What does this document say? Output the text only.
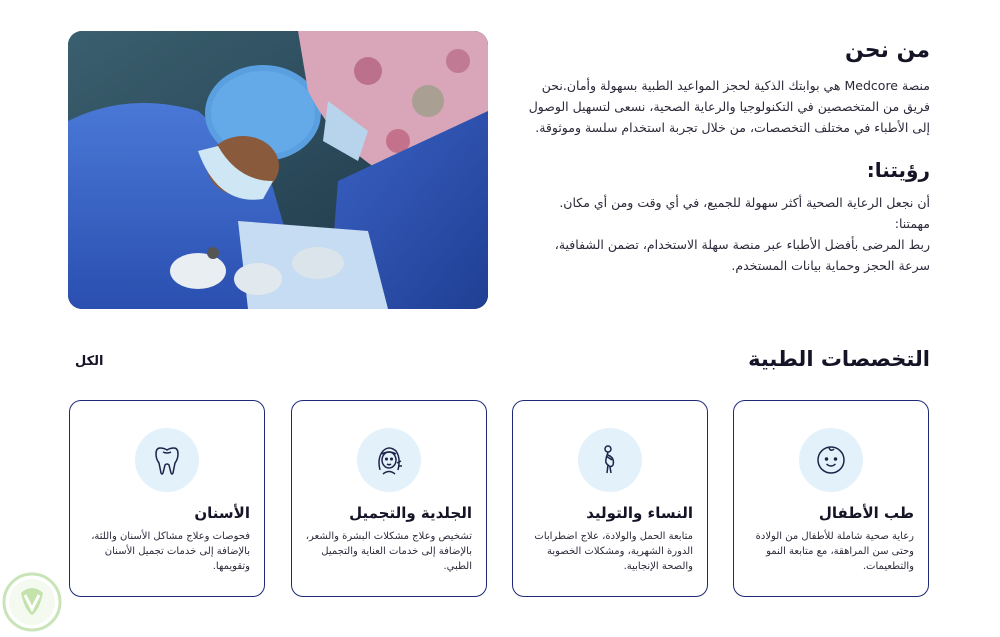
من نحن

منصة Medcore هي بوابتك الذكية لحجز المواعيد الطبية بسهولة وأمان.نحن فريق من المتخصصين في التكنولوجيا والرعاية الصحية، نسعى لتسهيل الوصول إلى الأطباء في مختلف التخصصات، من خلال تجربة استخدام سلسة وموثوقة.

رؤيتنا:

أن نجعل الرعاية الصحية أكثر سهولة للجميع، في أي وقت ومن أي مكان.

مهمتنا:

ربط المرضى بأفضل الأطباء عبر منصة سهلة الاستخدام، تضمن الشفافية، سرعة الحجز وحماية بيانات المستخدم.

التخصصات الطبية
الكل
طب الأطفال
رعاية صحية شاملة للأطفال من الولادة وحتى سن المراهقة، مع متابعة النمو والتطعيمات.
النساء والتوليد
متابعة الحمل والولادة، علاج اضطرابات الدورة الشهرية، ومشكلات الخصوبة والصحة الإنجابية.
الجلدية والتجميل
تشخيص وعلاج مشكلات البشرة والشعر، بالإضافة إلى خدمات العناية والتجميل الطبي.
الأسنان
فحوصات وعلاج مشاكل الأسنان واللثة، بالإضافة إلى خدمات تجميل الأسنان وتقويمها.
